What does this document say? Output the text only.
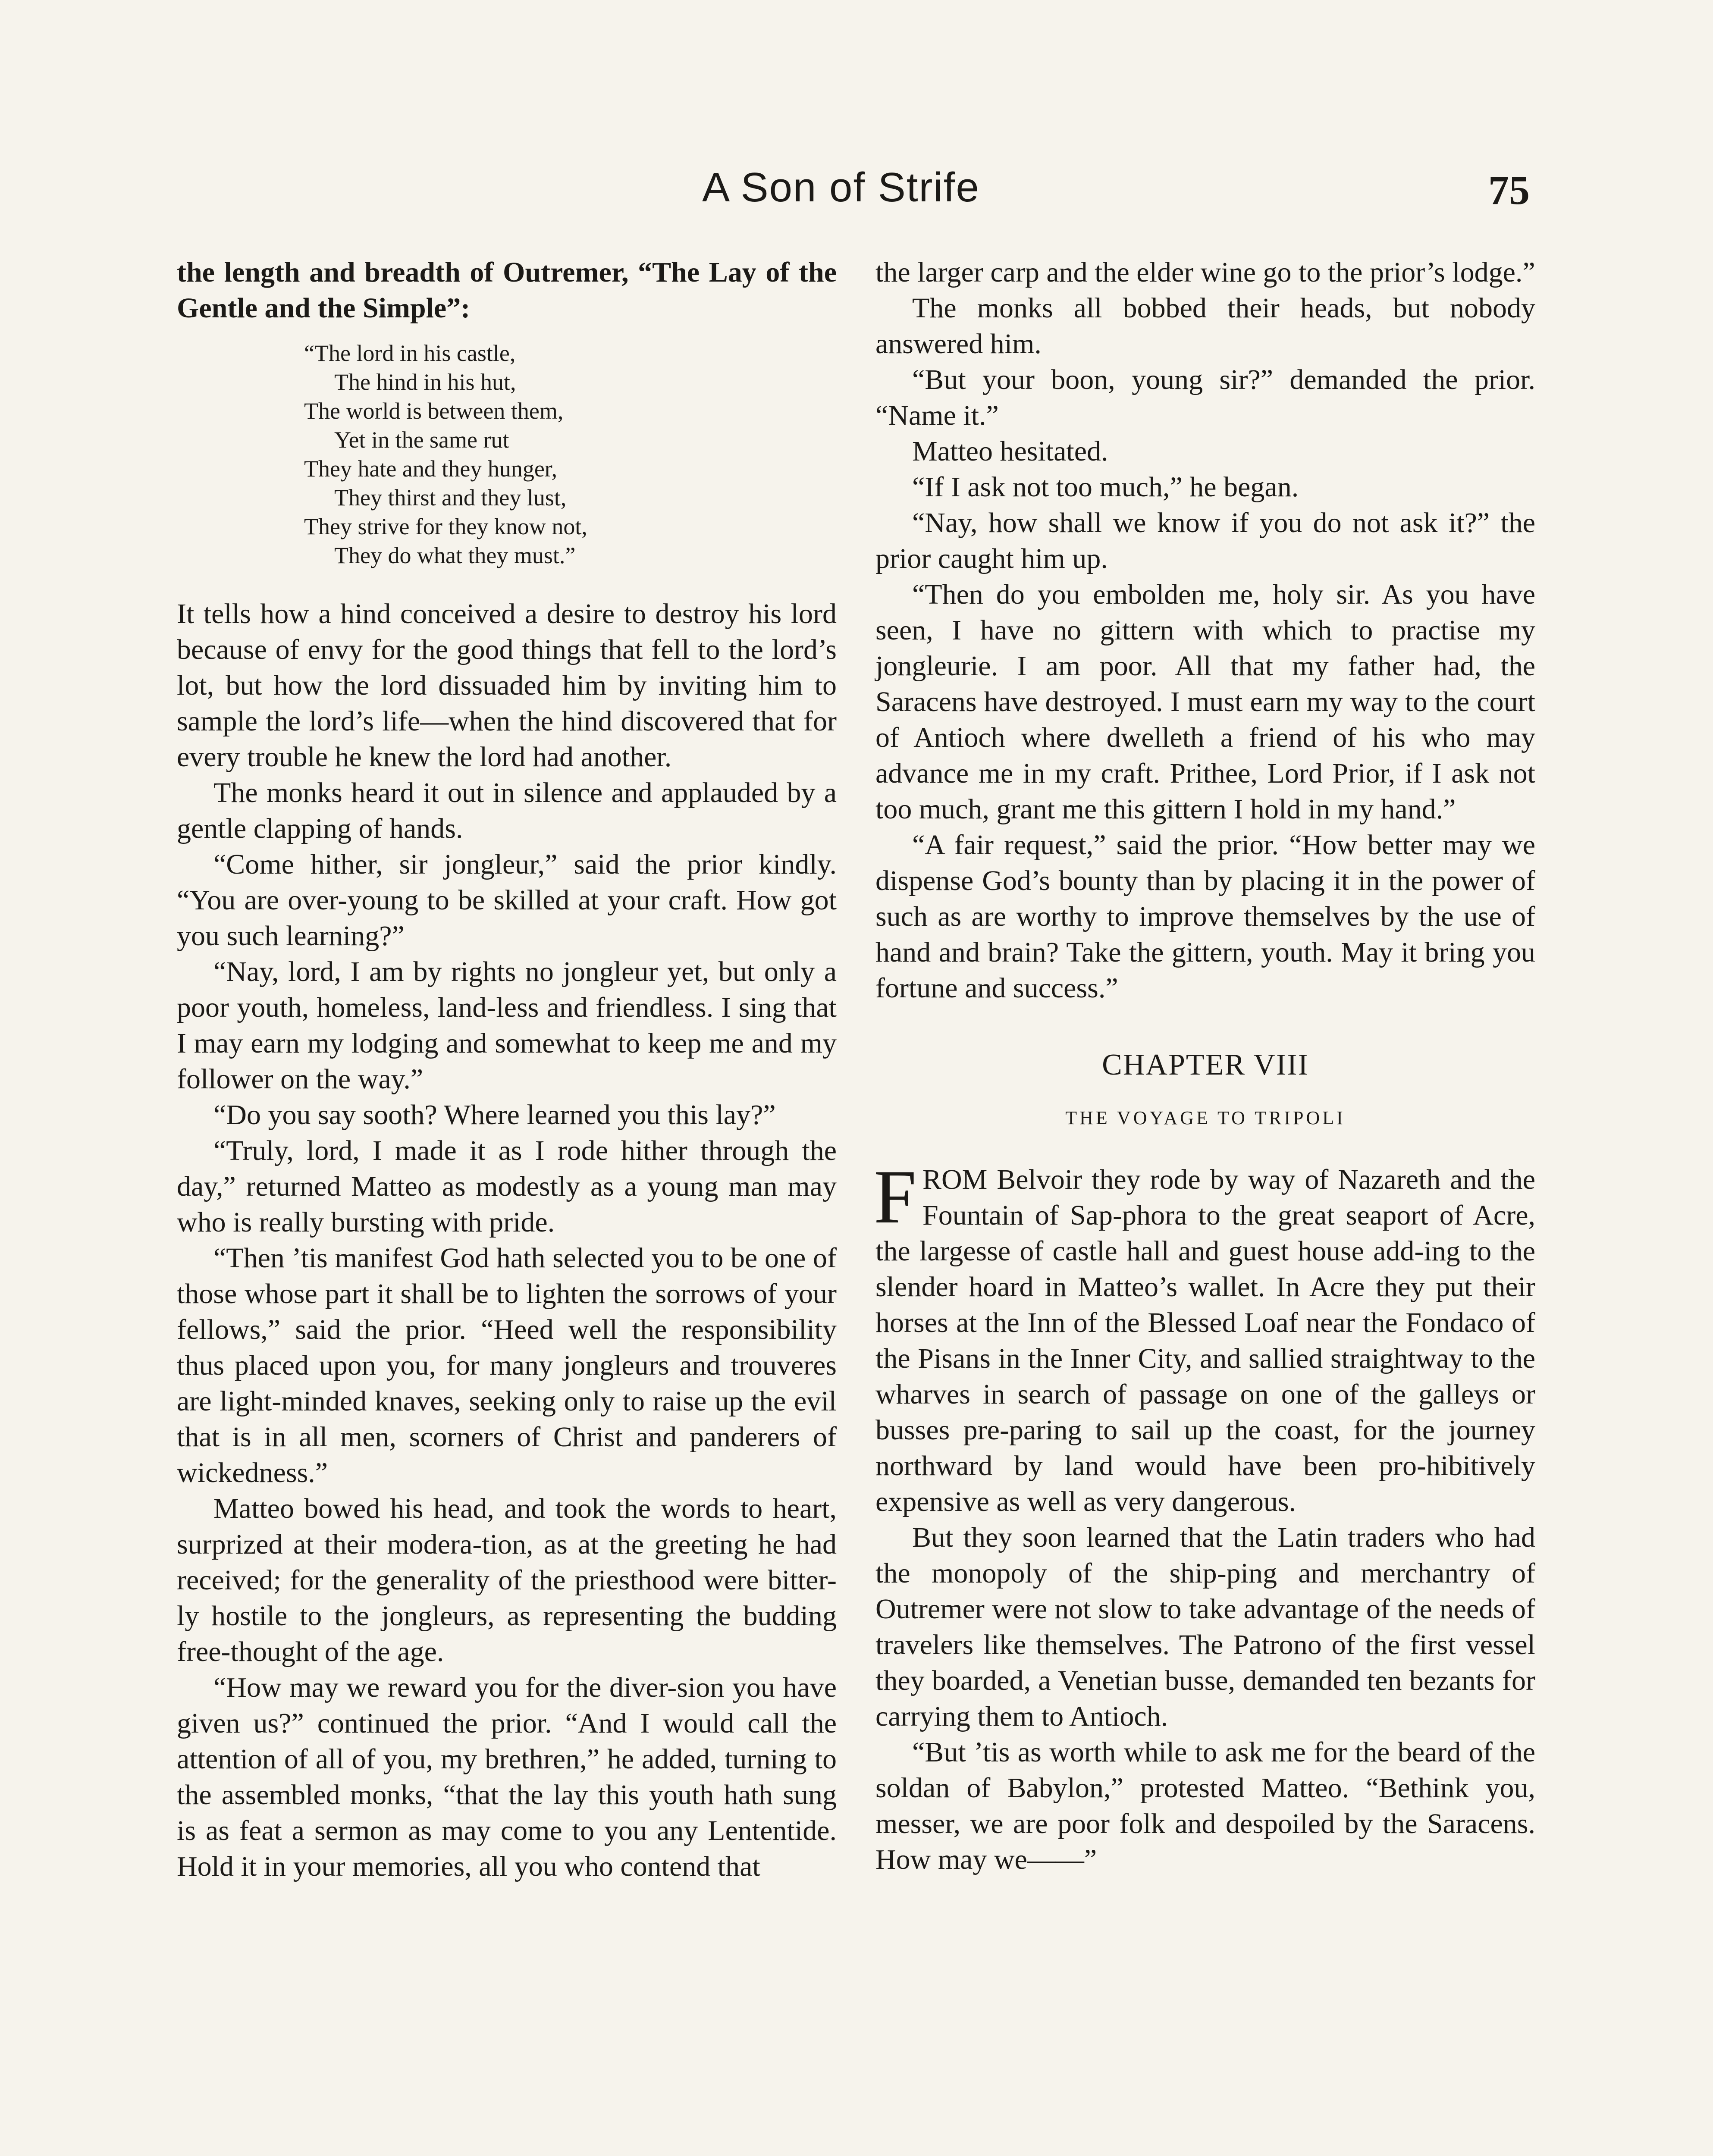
A Son of Strife	75

the length and breadth of Outremer, “The Lay of the Gentle and the Simple”:

“The lord in his castle,
The hind in his hut,
The world is between them,
Yet in the same rut
They hate and they hunger,
They thirst and they lust,
They strive for they know not,
They do what they must.”

It tells how a hind conceived a desire to destroy his lord because of envy for the good things that fell to the lord’s lot, but how the lord dissuaded him by inviting him to sample the lord’s life—when the hind discovered that for every trouble he knew the lord had another.

The monks heard it out in silence and applauded by a gentle clapping of hands.

“Come hither, sir jongleur,” said the prior kindly. “You are over-young to be skilled at your craft. How got you such learning?”

“Nay, lord, I am by rights no jongleur yet, but only a poor youth, homeless, land-less and friendless. I sing that I may earn my lodging and somewhat to keep me and my follower on the way.”

“Do you say sooth? Where learned you this lay?”

“Truly, lord, I made it as I rode hither through the day,” returned Matteo as modestly as a young man may who is really bursting with pride.

“Then ’tis manifest God hath selected you to be one of those whose part it shall be to lighten the sorrows of your fellows,” said the prior. “Heed well the responsibility thus placed upon you, for many jongleurs and trouveres are light-minded knaves, seeking only to raise up the evil that is in all men, scorners of Christ and panderers of wickedness.”

Matteo bowed his head, and took the words to heart, surprized at their modera-tion, as at the greeting he had received; for the generality of the priesthood were bitter-ly hostile to the jongleurs, as representing the budding free-thought of the age.

“How may we reward you for the diver-sion you have given us?” continued the prior. “And I would call the attention of all of you, my brethren,” he added, turning to the assembled monks, “that the lay this youth hath sung is as feat a sermon as may come to you any Lententide. Hold it in your memories, all you who contend that

the larger carp and the elder wine go to the prior’s lodge.”

The monks all bobbed their heads, but nobody answered him.

“But your boon, young sir?” demanded the prior. “Name it.”

Matteo hesitated.

“If I ask not too much,” he began.

“Nay, how shall we know if you do not ask it?” the prior caught him up.

“Then do you embolden me, holy sir. As you have seen, I have no gittern with which to practise my jongleurie. I am poor. All that my father had, the Saracens have destroyed. I must earn my way to the court of Antioch where dwelleth a friend of his who may advance me in my craft. Prithee, Lord Prior, if I ask not too much, grant me this gittern I hold in my hand.”

“A fair request,” said the prior. “How better may we dispense God’s bounty than by placing it in the power of such as are worthy to improve themselves by the use of hand and brain? Take the gittern, youth. May it bring you fortune and success.”

CHAPTER VIII
THE VOYAGE TO TRIPOLI

FROM Belvoir they rode by way of Nazareth and the Fountain of Sap-phora to the great seaport of Acre, the largesse of castle hall and guest house add-ing to the slender hoard in Matteo’s wallet. In Acre they put their horses at the Inn of the Blessed Loaf near the Fondaco of the Pisans in the Inner City, and sallied straightway to the wharves in search of passage on one of the galleys or busses pre-paring to sail up the coast, for the journey northward by land would have been pro-hibitively expensive as well as very dangerous.

But they soon learned that the Latin traders who had the monopoly of the ship-ping and merchantry of Outremer were not slow to take advantage of the needs of travelers like themselves. The Patrono of the first vessel they boarded, a Venetian busse, demanded ten bezants for carrying them to Antioch.

“But ’tis as worth while to ask me for the beard of the soldan of Babylon,” protested Matteo. “Bethink you, messer, we are poor folk and despoiled by the Saracens. How may we——”
